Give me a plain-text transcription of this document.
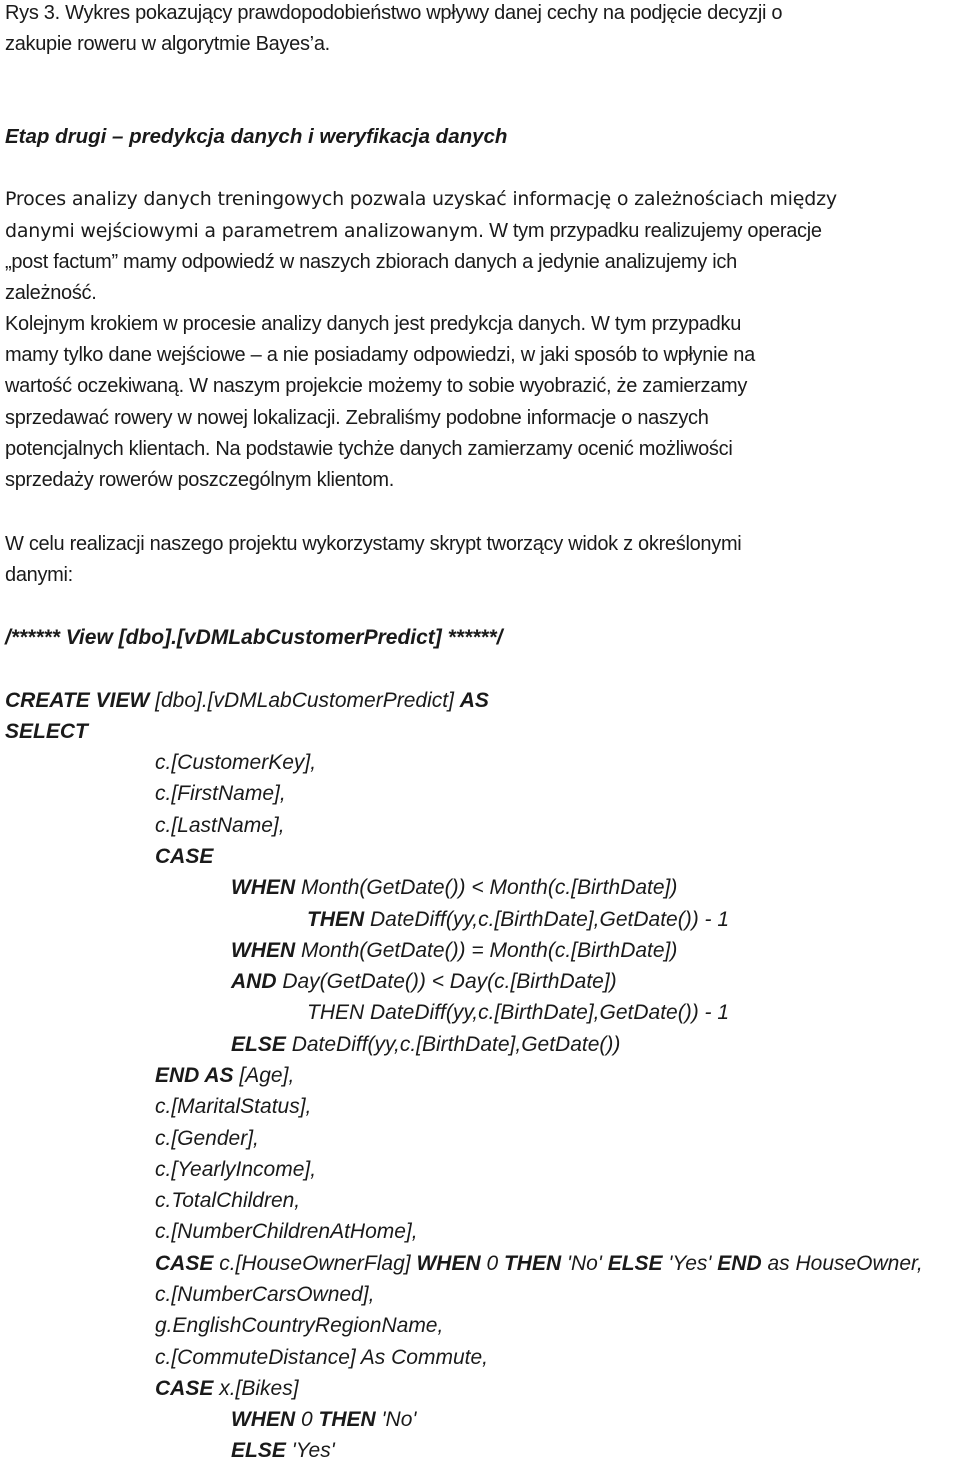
Rys 3. Wykres pokazujący prawdopodobieństwo wpływy danej cechy na podjęcie decyzji o
zakupie roweru w algorytmie Bayes’a.
Etap drugi – predykcja danych i weryfikacja danych
Proces analizy danych treningowych pozwala uzyskać informację o zależnościach między
danymi wejściowymi a parametrem analizowanym. W tym przypadku realizujemy operacje
„post factum” mamy odpowiedź w naszych zbiorach danych a jedynie analizujemy ich
zależność.
Kolejnym krokiem w procesie analizy danych jest predykcja danych. W tym przypadku
mamy tylko dane wejściowe – a nie posiadamy odpowiedzi, w jaki sposób to wpłynie na
wartość oczekiwaną. W naszym projekcie możemy to sobie wyobrazić, że zamierzamy
sprzedawać rowery w nowej lokalizacji. Zebraliśmy podobne informacje o naszych
potencjalnych klientach. Na podstawie tychże danych zamierzamy ocenić możliwości
sprzedaży rowerów poszczególnym klientom.
W celu realizacji naszego projektu wykorzystamy skrypt tworzący widok z określonymi
danymi:
/****** View [dbo].[vDMLabCustomerPredict] ******/
CREATE VIEW [dbo].[vDMLabCustomerPredict] AS
SELECT
c.[CustomerKey],
c.[FirstName],
c.[LastName],
CASE
WHEN Month(GetDate()) < Month(c.[BirthDate])
THEN DateDiff(yy,c.[BirthDate],GetDate()) - 1
WHEN Month(GetDate()) = Month(c.[BirthDate])
AND Day(GetDate()) < Day(c.[BirthDate])
THEN DateDiff(yy,c.[BirthDate],GetDate()) - 1
ELSE DateDiff(yy,c.[BirthDate],GetDate())
END AS [Age],
c.[MaritalStatus],
c.[Gender],
c.[YearlyIncome],
c.TotalChildren,
c.[NumberChildrenAtHome],
CASE c.[HouseOwnerFlag] WHEN 0 THEN 'No' ELSE 'Yes' END as HouseOwner,
c.[NumberCarsOwned],
g.EnglishCountryRegionName,
c.[CommuteDistance] As Commute,
CASE x.[Bikes]
WHEN 0 THEN 'No'
ELSE 'Yes'
